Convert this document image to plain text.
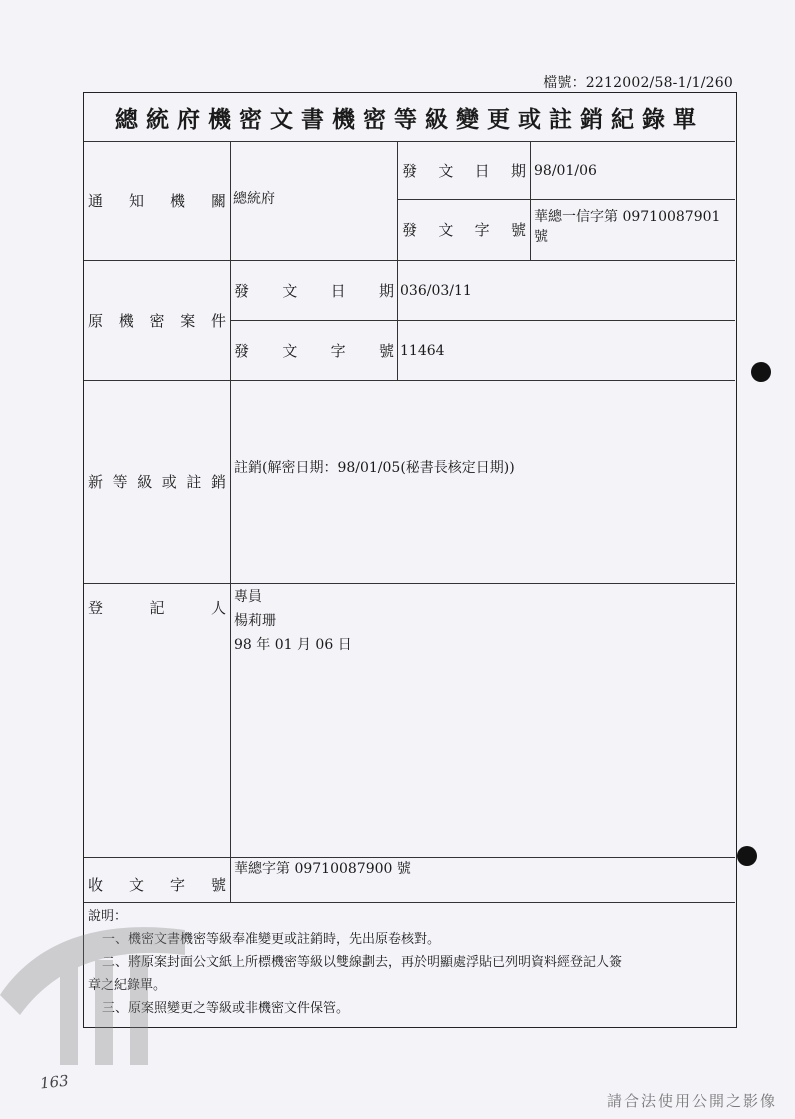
檔號：2212002/58-1/1/260
總統府機密文書機密等級變更或註銷紀錄單
通知機關 總統府
發文日期 98/01/06
發文字號
華總一信字第 09710087901
號
原機密案件
發文日期 036/03/11
發文字號 11464
新等級或註銷
註銷(解密日期：98/01/05(秘書長核定日期))
登記人
專員
楊莉珊
98 年 01 月 06 日
收文字號
華總字第 09710087900 號
說明：
一、機密文書機密等級奉准變更或註銷時，先出原卷核對。
二、將原案封面公文紙上所標機密等級以雙線劃去，再於明顯處浮貼已列明資料經登記人簽
章之紀錄單。
三、原案照變更之等級或非機密文件保管。
163
請合法使用公開之影像
